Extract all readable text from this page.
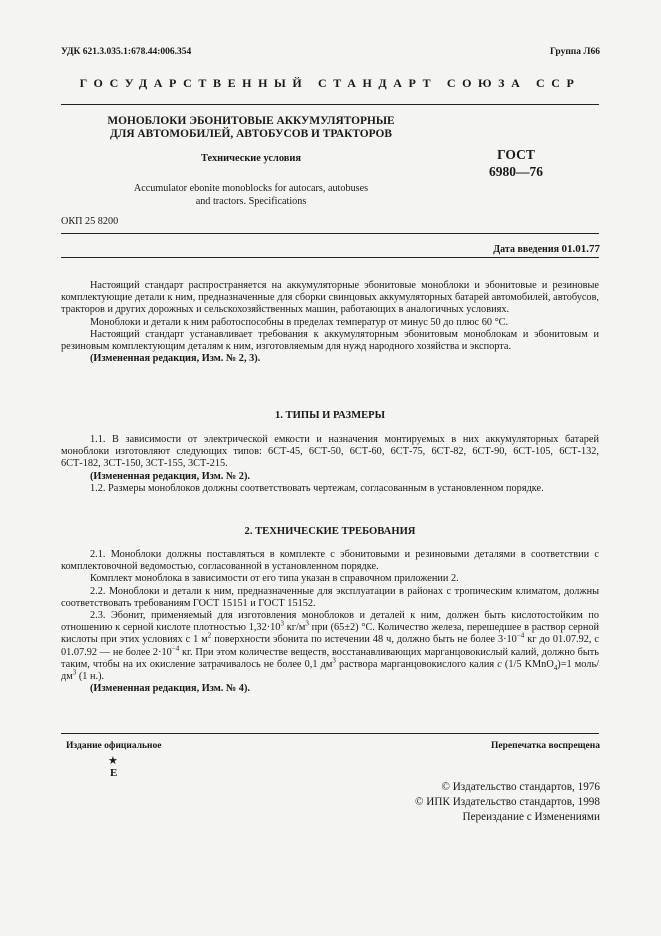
УДК 621.3.035.1:678.44:006.354	Группа Л66
ГОСУДАРСТВЕННЫЙ СТАНДАРТ СОЮЗА ССР
МОНОБЛОКИ ЭБОНИТОВЫЕ АККУМУЛЯТОРНЫЕ
ДЛЯ АВТОМОБИЛЕЙ, АВТОБУСОВ И ТРАКТОРОВ
Технические условия
Accumulator ebonite monoblocks for autocars, autobuses
and tractors. Specifications
ГОСТ
6980—76
ОКП 25 8200
Дата введения 01.01.77

Настоящий стандарт распространяется на аккумуляторные эбонитовые моноблоки и эбонитовые и резиновые комплектующие детали к ним, предназначенные для сборки свинцовых аккумуляторных батарей автомобилей, автобусов, тракторов и других дорожных и сельскохозяйственных машин, работающих в аналогичных условиях.

Моноблоки и детали к ним работоспособны в пределах температур от минус 50 до плюс 60 °С.

Настоящий стандарт устанавливает требования к аккумуляторным эбонитовым моноблокам и эбонитовым и резиновым комплектующим деталям к ним, изготовляемым для нужд народного хозяйства и экспорта.

(Измененная редакция, Изм. № 2, 3).

1. ТИПЫ И РАЗМЕРЫ

1.1. В зависимости от электрической емкости и назначения монтируемых в них аккумуляторных батарей моноблоки изготовляют следующих типов: 6СТ-45, 6СТ-50, 6СТ-60, 6СТ-75, 6СТ-82, 6СТ-90, 6СТ-105, 6СТ-132, 6СТ-182, 3СТ-150, 3СТ-155, 3СТ-215.

(Измененная редакция, Изм. № 2).

1.2. Размеры моноблоков должны соответствовать чертежам, согласованным в установленном порядке.

2. ТЕХНИЧЕСКИЕ ТРЕБОВАНИЯ

2.1. Моноблоки должны поставляться в комплекте с эбонитовыми и резиновыми деталями в соответствии с комплектовочной ведомостью, согласованной в установленном порядке.

Комплект моноблока в зависимости от его типа указан в справочном приложении 2.

2.2. Моноблоки и детали к ним, предназначенные для эксплуатации в районах с тропическим климатом, должны соответствовать требованиям ГОСТ 15151 и ГОСТ 15152.

2.3. Эбонит, применяемый для изготовления моноблоков и деталей к ним, должен быть кислотостойким по отношению к серной кислоте плотностью $1,32\cdot 10^3$ $кг/м^3$ при (65±2) °С. Количество железа, перешедшее в раствор серной кислоты при этих условиях с 1 $м^2$ поверхности эбонита по истечении 48 ч, должно быть не более $3\cdot 10^{-4}$ кг до 01.07.92, с 01.07.92 — не более $2\cdot 10^{-4}$ кг. При этом количестве веществ, восстанавливающих марганцовокислый калий, должно быть таким, чтобы на их окисление затрачивалось не более 0,1 $дм^3$ раствора марганцовокислого калия с (1/5 KMnO$_4$)=1 моль/$дм^3$ (1 н.).

(Измененная редакция, Изм. № 4).

Издание официальное	Перепечатка воспрещена
★
Е
© Издательство стандартов, 1976
© ИПК Издательство стандартов, 1998
Переиздание с Изменениями
